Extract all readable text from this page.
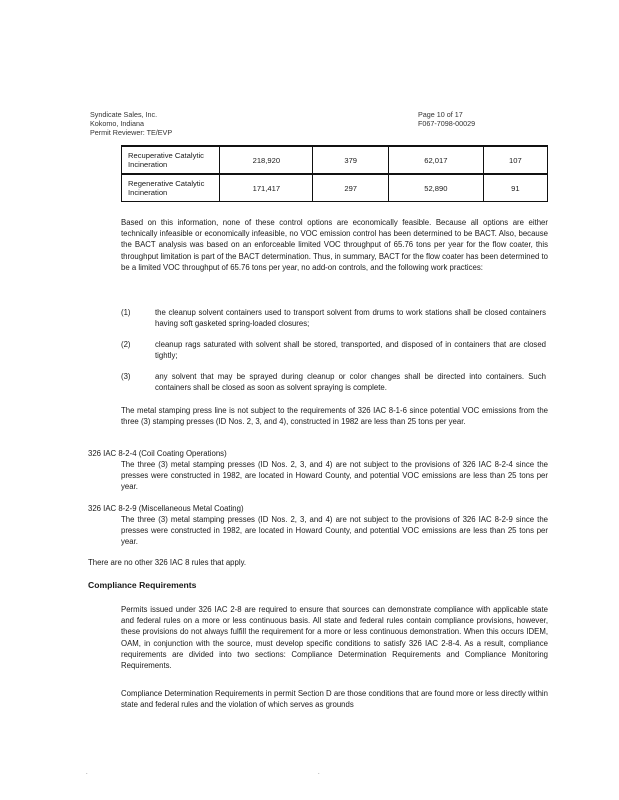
Syndicate Sales, Inc.
Kokomo, Indiana
Permit Reviewer: TE/EVP
Page 10 of 17
F067-7098-00029
Recuperative Catalytic Incineration	218,920	379	62,017	107
Regenerative Catalytic Incineration	171,417	297	52,890	91
Based on this information, none of these control options are economically feasible. Because all options are either technically infeasible or economically infeasible, no VOC emission control has been determined to be BACT. Also, because the BACT analysis was based on an enforceable limited VOC throughput of 65.76 tons per year for the flow coater, this throughput limitation is part of the BACT determination. Thus, in summary, BACT for the flow coater has been determined to be a limited VOC throughput of 65.76 tons per year, no add-on controls, and the following work practices:
(1)	the cleanup solvent containers used to transport solvent from drums to work stations shall be closed containers having soft gasketed spring-loaded closures;
(2)	cleanup rags saturated with solvent shall be stored, transported, and disposed of in containers that are closed tightly;
(3)	any solvent that may be sprayed during cleanup or color changes shall be directed into containers. Such containers shall be closed as soon as solvent spraying is complete.
The metal stamping press line is not subject to the requirements of 326 IAC 8-1-6 since potential VOC emissions from the three (3) stamping presses (ID Nos. 2, 3, and 4), constructed in 1982 are less than 25 tons per year.
326 IAC 8-2-4 (Coil Coating Operations)
The three (3) metal stamping presses (ID Nos. 2, 3, and 4) are not subject to the provisions of 326 IAC 8-2-4 since the presses were constructed in 1982, are located in Howard County, and potential VOC emissions are less than 25 tons per year.
326 IAC 8-2-9 (Miscellaneous Metal Coating)
The three (3) metal stamping presses (ID Nos. 2, 3, and 4) are not subject to the provisions of 326 IAC 8-2-9 since the presses were constructed in 1982, are located in Howard County, and potential VOC emissions are less than 25 tons per year.
There are no other 326 IAC 8 rules that apply.
Compliance Requirements
Permits issued under 326 IAC 2-8 are required to ensure that sources can demonstrate compliance with applicable state and federal rules on a more or less continuous basis. All state and federal rules contain compliance provisions, however, these provisions do not always fulfill the requirement for a more or less continuous demonstration. When this occurs IDEM, OAM, in conjunction with the source, must develop specific conditions to satisfy 326 IAC 2-8-4. As a result, compliance requirements are divided into two sections: Compliance Determination Requirements and Compliance Monitoring Requirements.
Compliance Determination Requirements in permit Section D are those conditions that are found more or less directly within state and federal rules and the violation of which serves as grounds
.	.
